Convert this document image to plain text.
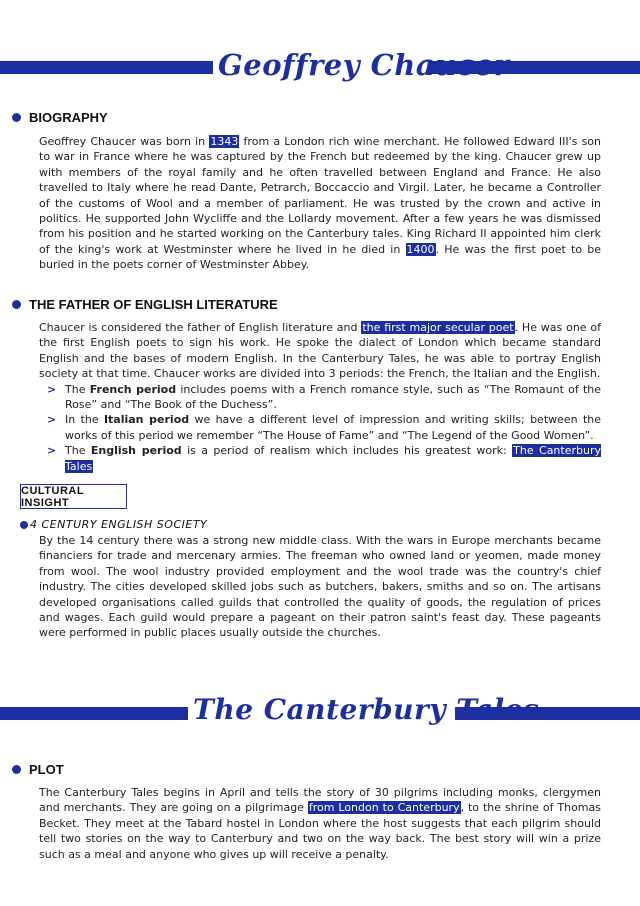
Geoffrey Chaucer
BIOGRAPHY

Geoffrey Chaucer was born in 1343 from a London rich wine merchant. He followed Edward III's son to war in France where he was captured by the French but redeemed by the king. Chaucer grew up with members of the royal family and he often travelled between England and France. He also travelled to Italy where he read Dante, Petrarch, Boccaccio and Virgil. Later, he became a Controller of the customs of Wool and a member of parliament. He was trusted by the crown and active in politics. He supported John Wycliffe and the Lollardy movement. After a few years he was dismissed from his position and he started working on the Canterbury tales. King Richard II appointed him clerk of the king's work at Westminster where he lived in he died in 1400. He was the first poet to be buried in the poets corner of Westminster Abbey.

THE FATHER OF ENGLISH LITERATURE

Chaucer is considered the father of English literature and the first major secular poet. He was one of the first English poets to sign his work. He spoke the dialect of London which became standard English and the bases of modern English. In the Canterbury Tales, he was able to portray English society at that time. Chaucer works are divided into 3 periods: the French, the Italian and the English.

> The French period includes poems with a French romance style, such as “The Romaunt of the Rose” and “The Book of the Duchess”.
> In the Italian period we have a different level of impression and writing skills; between the works of this period we remember “The House of Fame” and “The Legend of the Good Women”.
> The English period is a period of realism which includes his greatest work: The Canterbury Tales
CULTURAL INSIGHT
4 CENTURY ENGLISH SOCIETY

By the 14 century there was a strong new middle class. With the wars in Europe merchants became financiers for trade and mercenary armies. The freeman who owned land or yeomen, made money from wool. The wool industry provided employment and the wool trade was the country's chief industry. The cities developed skilled jobs such as butchers, bakers, smiths and so on. The artisans developed organisations called guilds that controlled the quality of goods, the regulation of prices and wages. Each guild would prepare a pageant on their patron saint's feast day. These pageants were performed in public places usually outside the churches.

The Canterbury Tales
PLOT

The Canterbury Tales begins in April and tells the story of 30 pilgrims including monks, clergymen and merchants. They are going on a pilgrimage from London to Canterbury, to the shrine of Thomas Becket. They meet at the Tabard hostel in London where the host suggests that each pilgrim should tell two stories on the way to Canterbury and two on the way back. The best story will win a prize such as a meal and anyone who gives up will receive a penalty.
